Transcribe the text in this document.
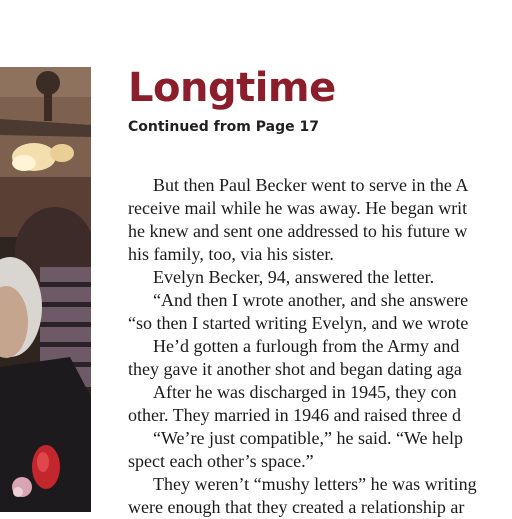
Longtime
Continued from Page 17
But then Paul Becker went to serve in the A
receive mail while he was away. He began writ
he knew and sent one addressed to his future w
his family, too, via his sister.
Evelyn Becker, 94, answered the letter.
“And then I wrote another, and she answere
“so then I started writing Evelyn, and we wrote
He’d gotten a furlough from the Army and
they gave it another shot and began dating aga
After he was discharged in 1945, they con
other. They married in 1946 and raised three d
“We’re just compatible,” he said. “We help
spect each other’s space.”
They weren’t “mushy letters” he was writing
were enough that they created a relationship ar
